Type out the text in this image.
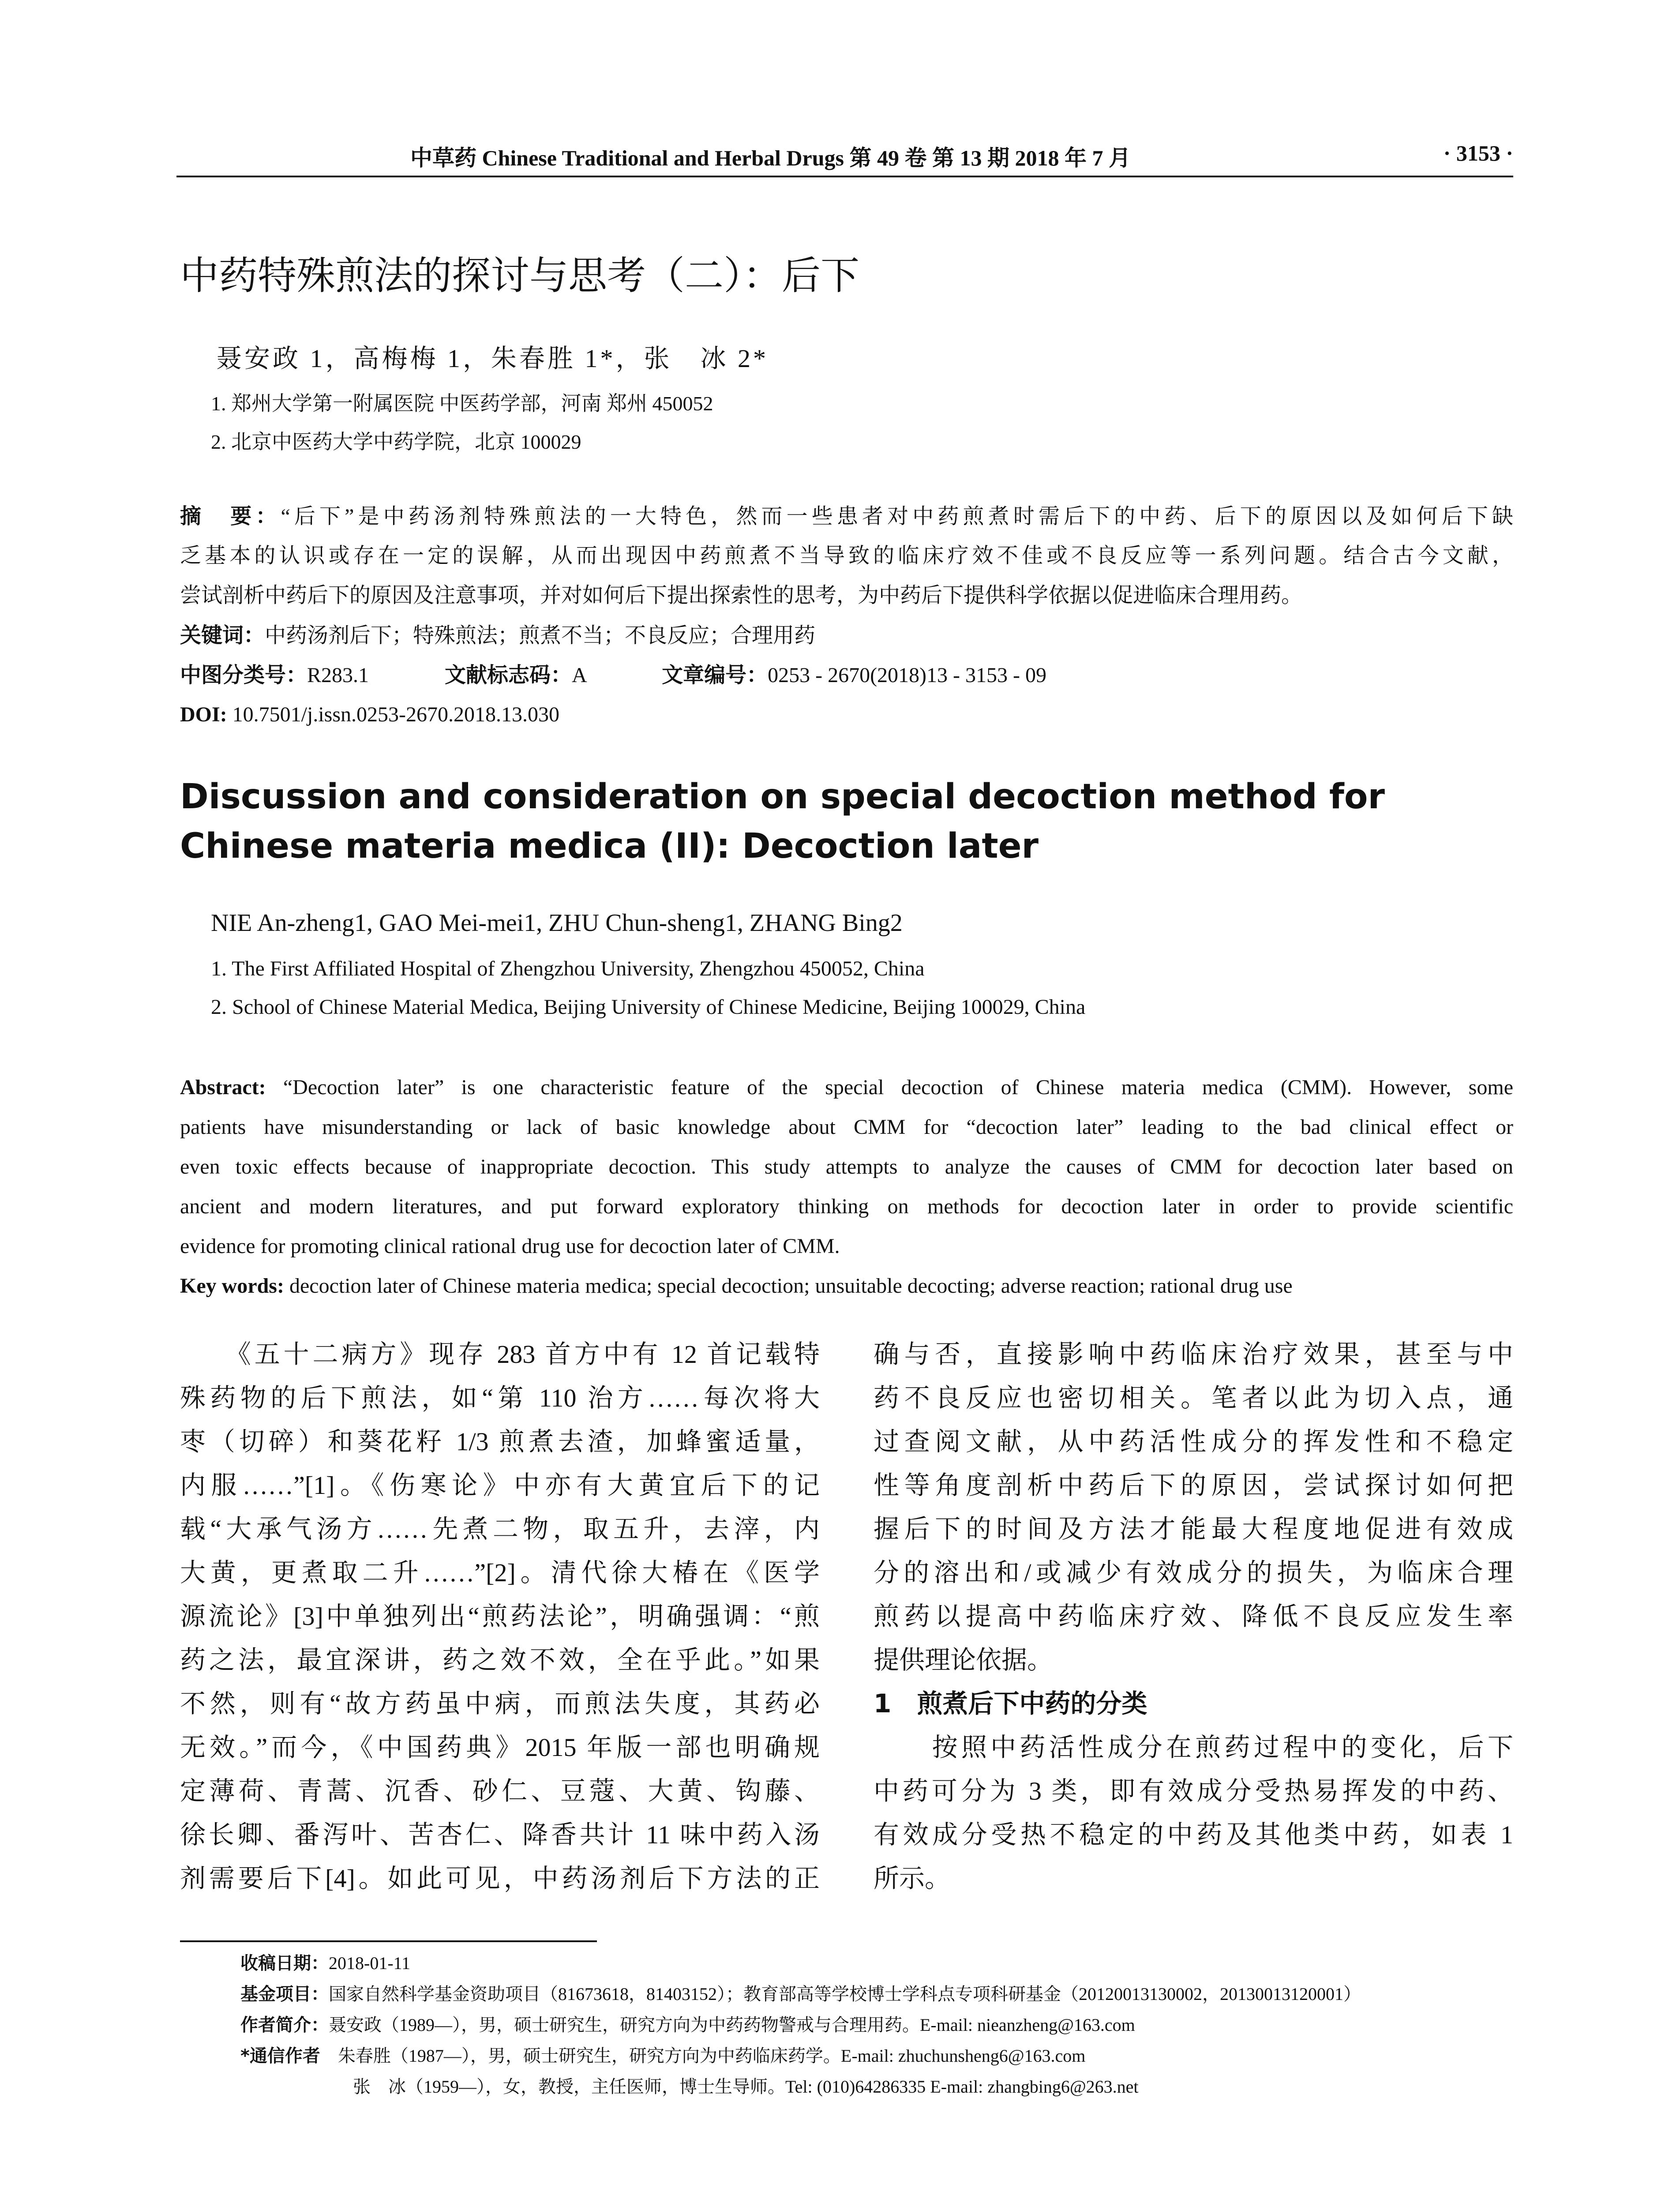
中草药 Chinese Traditional and Herbal Drugs 第 49 卷 第 13 期 2018 年 7 月	· 3153 ·
中药特殊煎法的探讨与思考（二）：后下
聂安政 1，高梅梅 1，朱春胜 1*，张　冰 2*
1. 郑州大学第一附属医院 中医药学部，河南 郑州 450052
2. 北京中医药大学中药学院，北京 100029
摘　要：“后下”是中药汤剂特殊煎法的一大特色，然而一些患者对中药煎煮时需后下的中药、后下的原因以及如何后下缺
乏基本的认识或存在一定的误解，从而出现因中药煎煮不当导致的临床疗效不佳或不良反应等一系列问题。结合古今文献，
尝试剖析中药后下的原因及注意事项，并对如何后下提出探索性的思考，为中药后下提供科学依据以促进临床合理用药。
关键词：中药汤剂后下；特殊煎法；煎煮不当；不良反应；合理用药
中图分类号：R283.1	文献标志码：A	文章编号：0253 - 2670(2018)13 - 3153 - 09
DOI: 10.7501/j.issn.0253-2670.2018.13.030
Discussion and consideration on special decoction method for Chinese materia medica (II): Decoction later
NIE An-zheng1, GAO Mei-mei1, ZHU Chun-sheng1, ZHANG Bing2
1. The First Affiliated Hospital of Zhengzhou University, Zhengzhou 450052, China
2. School of Chinese Material Medica, Beijing University of Chinese Medicine, Beijing 100029, China
Abstract: “Decoction later” is one characteristic feature of the special decoction of Chinese materia medica (CMM). However, some
patients have misunderstanding or lack of basic knowledge about CMM for “decoction later” leading to the bad clinical effect or
even toxic effects because of inappropriate decoction. This study attempts to analyze the causes of CMM for decoction later based on
ancient and modern literatures, and put forward exploratory thinking on methods for decoction later in order to provide scientific
evidence for promoting clinical rational drug use for decoction later of CMM.
Key words: decoction later of Chinese materia medica; special decoction; unsuitable decocting; adverse reaction; rational drug use
　　《五十二病方》现存 283 首方中有 12 首记载特
殊药物的后下煎法，如“第 110 治方……每次将大
枣（切碎）和葵花籽 1/3 煎煮去渣，加蜂蜜适量，
内服……”[1]。《伤寒论》中亦有大黄宜后下的记
载“大承气汤方……先煮二物，取五升，去滓，内
大黄，更煮取二升……”[2]。清代徐大椿在《医学
源流论》[3]中单独列出“煎药法论”，明确强调：“煎
药之法，最宜深讲，药之效不效，全在乎此。”如果
不然，则有“故方药虽中病，而煎法失度，其药必
无效。”而今，《中国药典》2015 年版一部也明确规
定薄荷、青蒿、沉香、砂仁、豆蔻、大黄、钩藤、
徐长卿、番泻叶、苦杏仁、降香共计 11 味中药入汤
剂需要后下[4]。如此可见，中药汤剂后下方法的正
确与否，直接影响中药临床治疗效果，甚至与中
药不良反应也密切相关。笔者以此为切入点，通
过查阅文献，从中药活性成分的挥发性和不稳定
性等角度剖析中药后下的原因，尝试探讨如何把
握后下的时间及方法才能最大程度地促进有效成
分的溶出和/或减少有效成分的损失，为临床合理
煎药以提高中药临床疗效、降低不良反应发生率
提供理论依据。
1　煎煮后下中药的分类
　　按照中药活性成分在煎药过程中的变化，后下
中药可分为 3 类，即有效成分受热易挥发的中药、
有效成分受热不稳定的中药及其他类中药，如表 1
所示。
收稿日期：2018-01-11
基金项目：国家自然科学基金资助项目（81673618，81403152）；教育部高等学校博士学科点专项科研基金（20120013130002，20130013120001）
作者简介：聂安政（1989—），男，硕士研究生，研究方向为中药药物警戒与合理用药。E-mail: nieanzheng@163.com
*通信作者 朱春胜（1987—），男，硕士研究生，研究方向为中药临床药学。E-mail: zhuchunsheng6@163.com
张　冰（1959—），女，教授，主任医师，博士生导师。Tel: (010)64286335 E-mail: zhangbing6@263.net
